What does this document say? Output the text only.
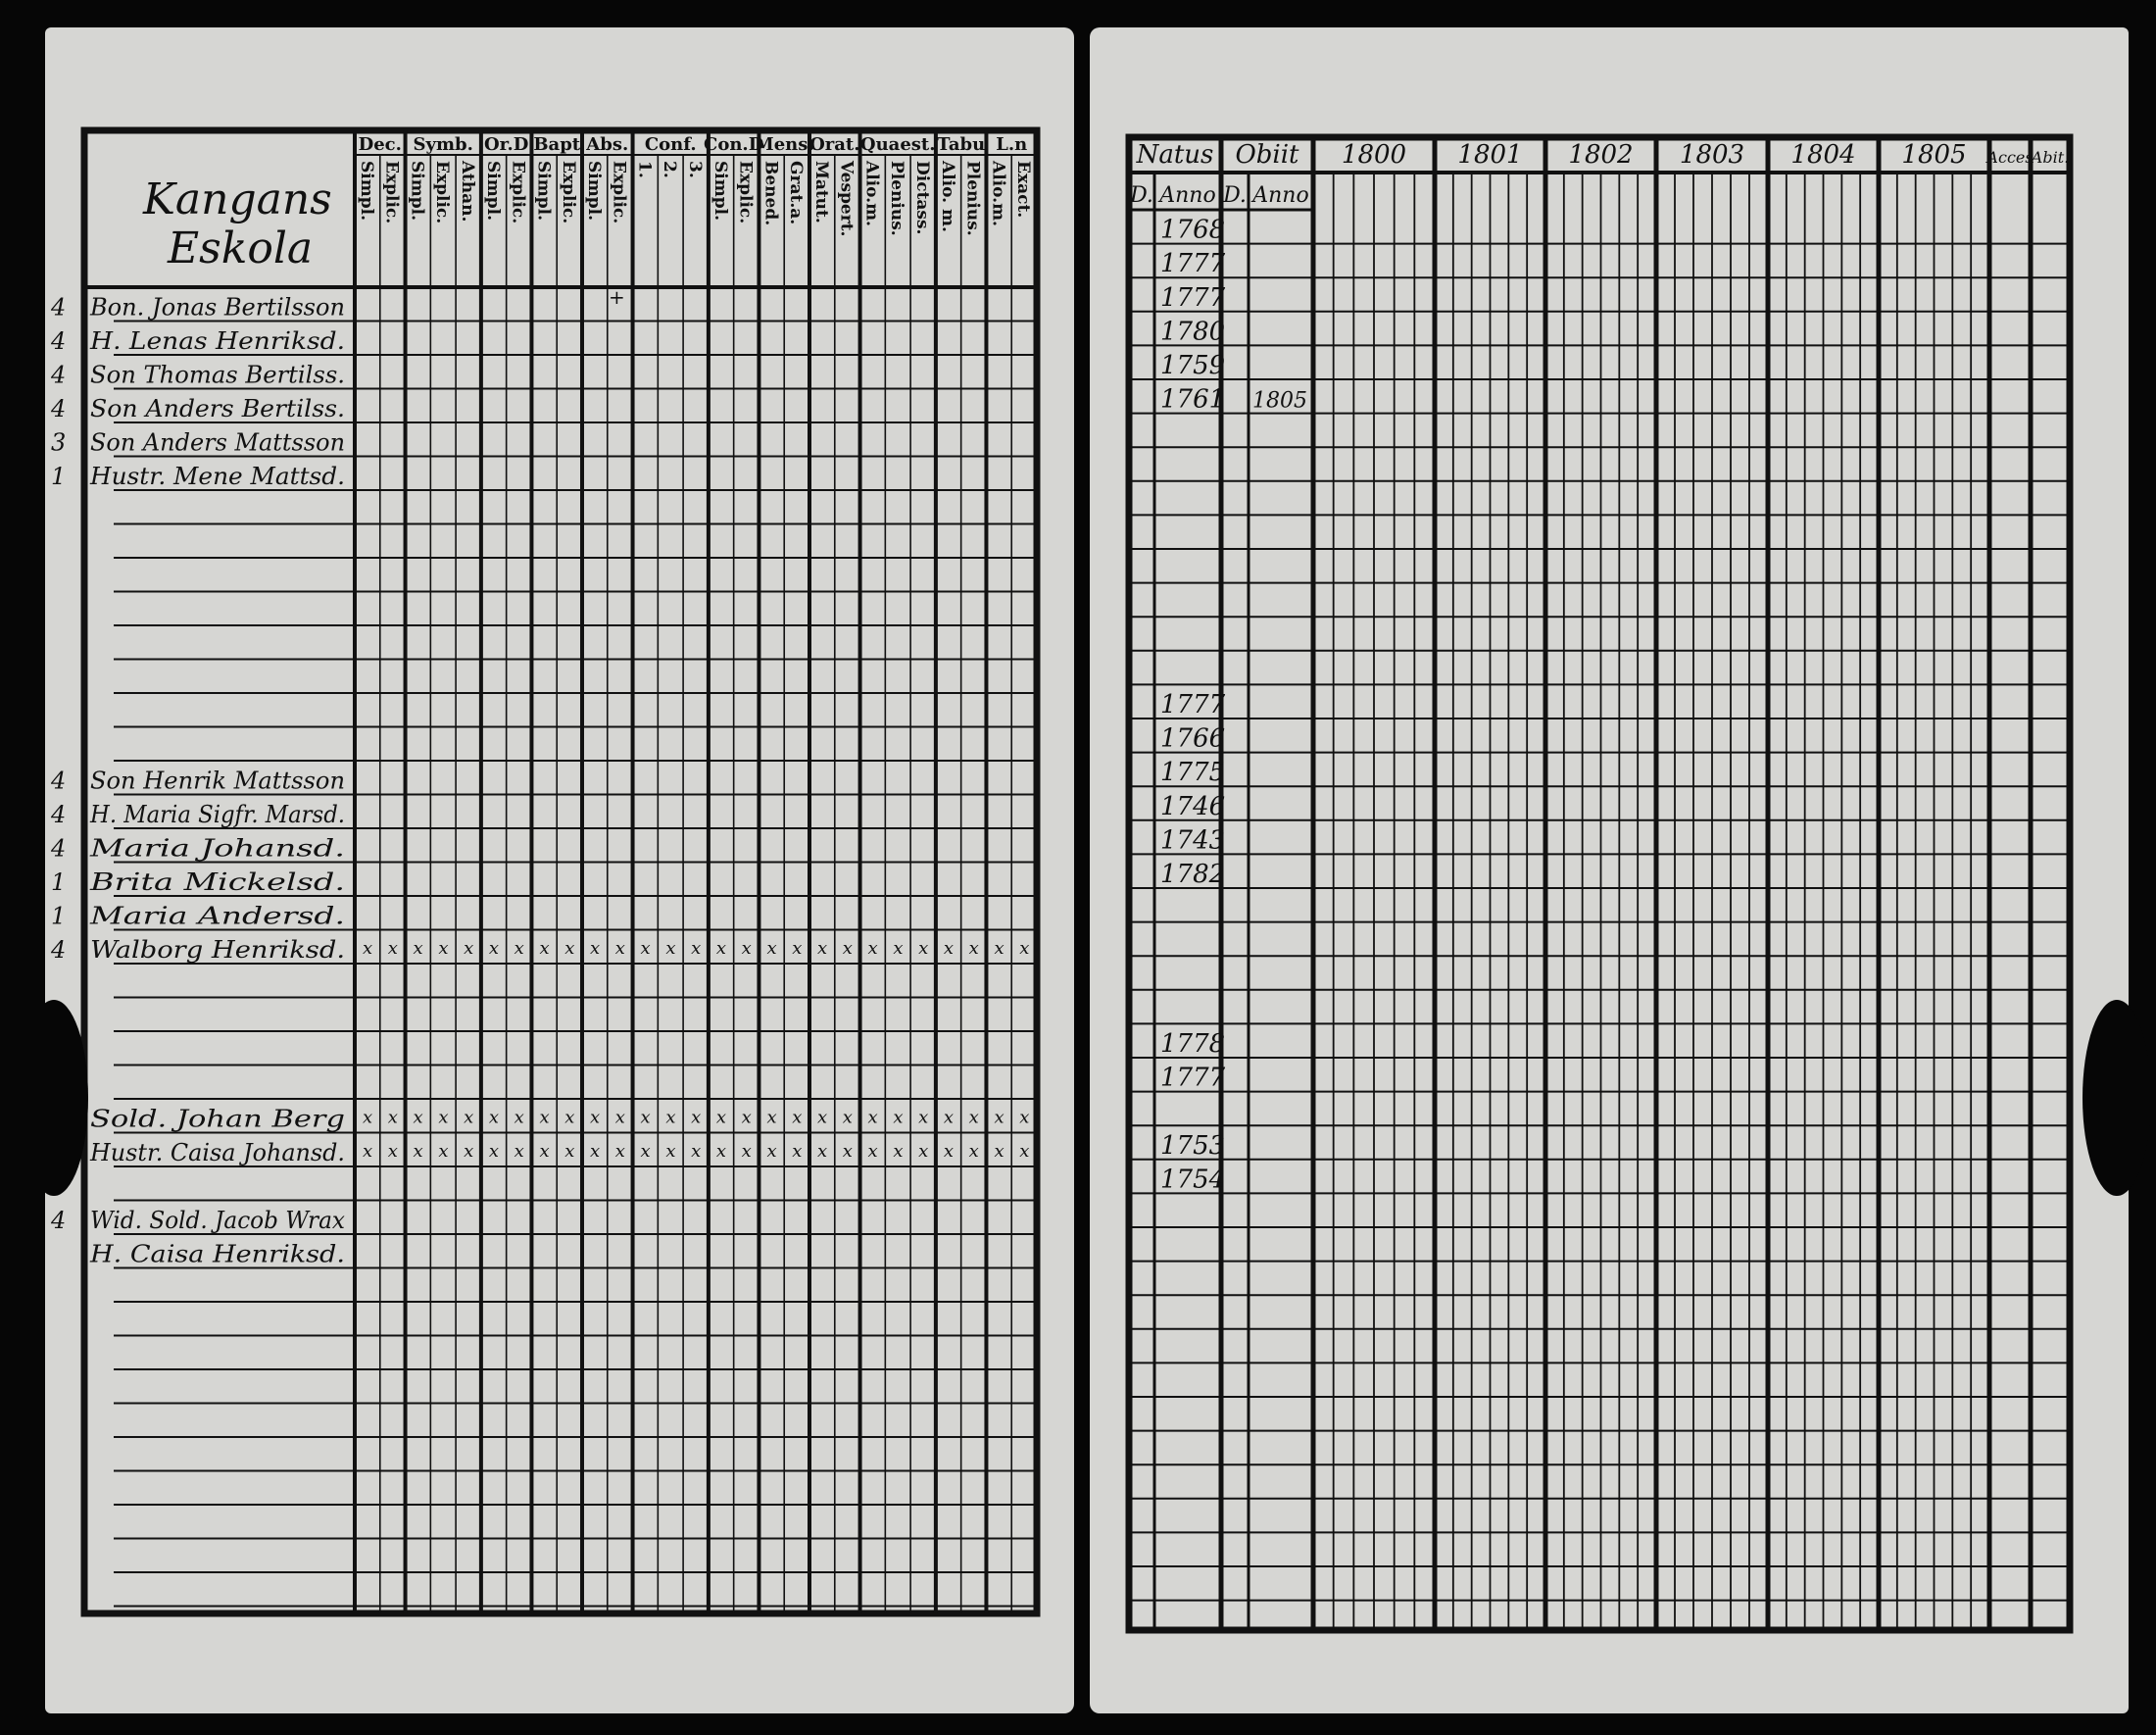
Kangans
Eskola
Dec.
Simpl. Explic.
Symb.
Simpl. Explic. Athan.
Or.D
Simpl. Explic.
Bapt
Simpl. Explic.
Abs.
Simpl. Explic.
Conf.
1. 2. 3.
Con.D
Simpl. Explic.
Mens.
Bened. Grat.a.
Orat.
Matut. Vespert.
Quaest.
Alio.m. Plenius. Dictass.
Tabu
Alio. m. Plenius.
L.n
Alio.m. Exact.
4 Bon. Jonas Bertilsson
4 H. Lenas Henriksd.
4 Son Thomas Bertilss.
4 Son Anders Bertilss.
3 Son Anders Mattsson
1 Hustr. Mene Mattsd.
4 Son Henrik Mattsson
4 H. Maria Sigfr. Marsd.
4 Maria Johansd.
1 Brita Mickelsd.
1 Maria Andersd.
4 Walborg Henriksd.
Sold. Johan Berg
Hustr. Caisa Johansd.
4 Wid. Sold. Jacob Wrax
H. Caisa Henriksd.
x x x x x x x x x x x x x x x x x x x x x x x x x x x
x x x x x x x x x x x x x x x x x x x x x x x x x x x
x x x x x x x x x x x x x x x x x x x x x x x x x x x
+
Natus Obiit 1800 1801 1802 1803 1804 1805 Acces
Abit.
D. Anno D. Anno
1768
1777
1777
1780
1759
1761
1777
1766
1775
1746
1743
1782
1778
1777
1753
1754
1805
